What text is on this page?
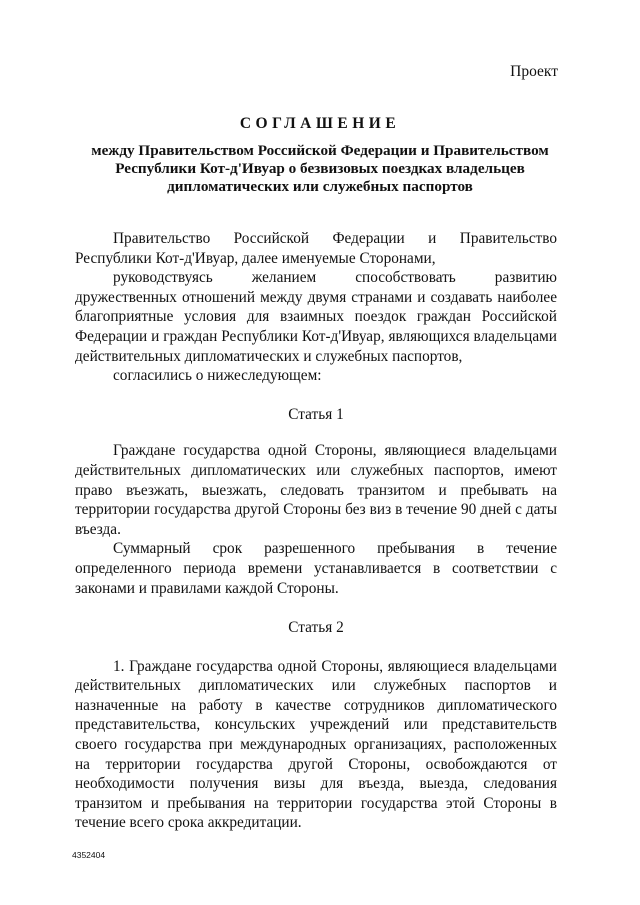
Проект
СОГЛАШЕНИЕ
между Правительством Российской Федерации и Правительством Республики Кот-д'Ивуар о безвизовых поездках владельцев дипломатических или служебных паспортов

Правительство Российской Федерации и Правительство Республики Кот-д'Ивуар, далее именуемые Сторонами,

руководствуясь желанием способствовать развитию дружественных отношений между двумя странами и создавать наиболее благоприятные условия для взаимных поездок граждан Российской Федерации и граждан Республики Кот-д'Ивуар, являющихся владельцами действительных дипломатических и служебных паспортов,

согласились о нижеследующем:

Статья 1

Граждане государства одной Стороны, являющиеся владельцами действительных дипломатических или служебных паспортов, имеют право въезжать, выезжать, следовать транзитом и пребывать на территории государства другой Стороны без виз в течение 90 дней с даты въезда.

Суммарный срок разрешенного пребывания в течение определенного периода времени устанавливается в соответствии с законами и правилами каждой Стороны.

Статья 2

1. Граждане государства одной Стороны, являющиеся владельцами действительных дипломатических или служебных паспортов и назначенные на работу в качестве сотрудников дипломатического представительства, консульских учреждений или представительств своего государства при международных организациях, расположенных на территории государства другой Стороны, освобождаются от необходимости получения визы для въезда, выезда, следования транзитом и пребывания на территории государства этой Стороны в течение всего срока аккредитации.

4352404
